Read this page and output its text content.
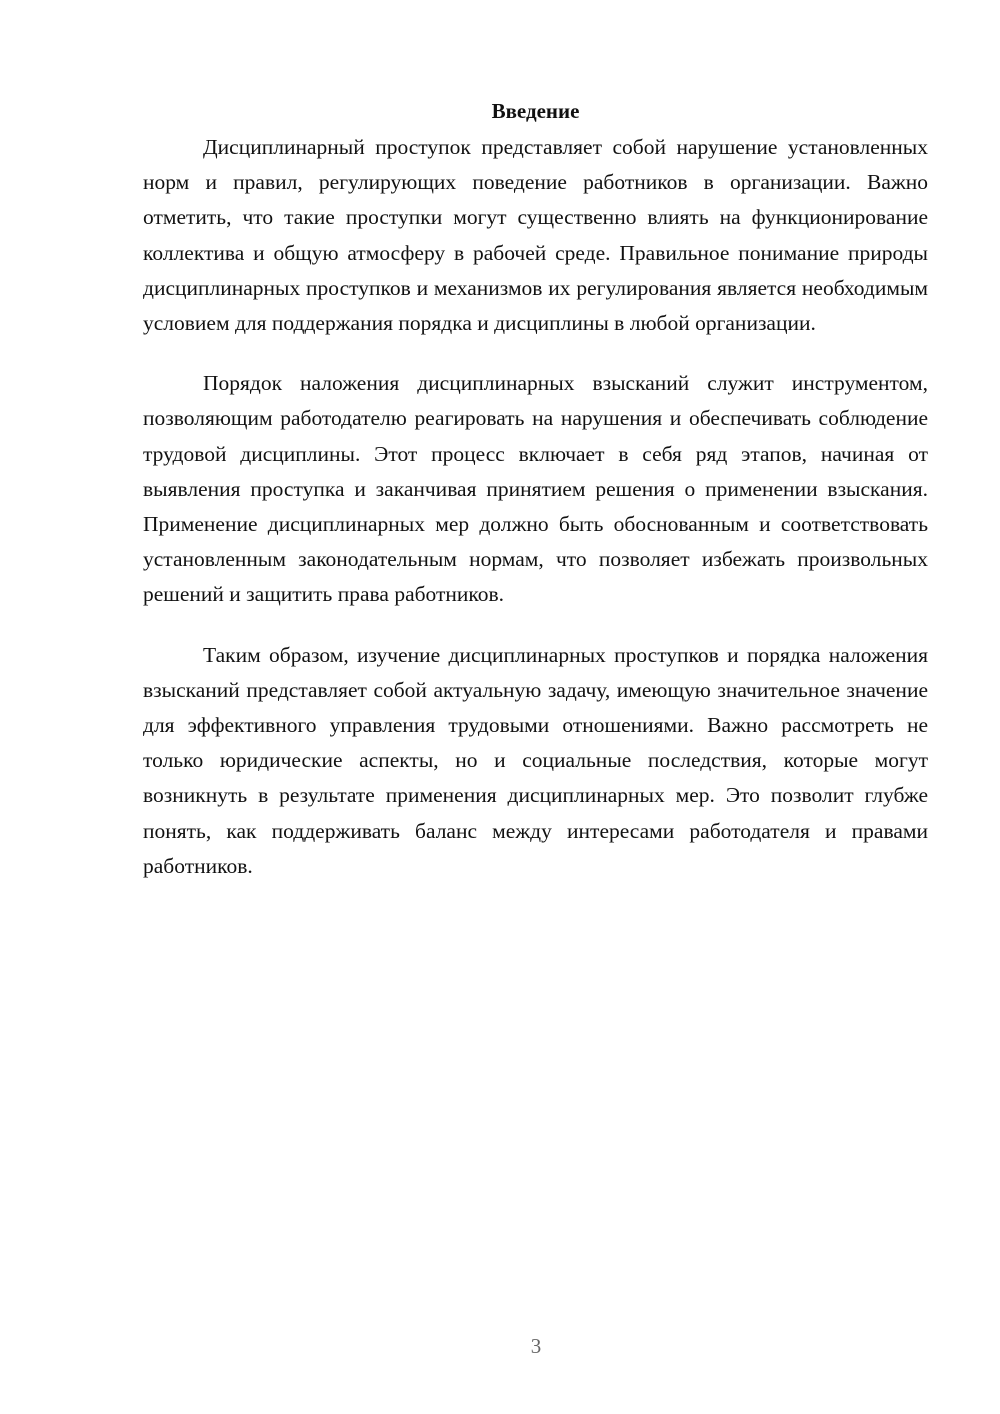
Введение

Дисциплинарный проступок представляет собой нарушение установленных норм и правил, регулирующих поведение работников в организации. Важно отметить, что такие проступки могут существенно влиять на функционирование коллектива и общую атмосферу в рабочей среде. Правильное понимание природы дисциплинарных проступков и механизмов их регулирования является необходимым условием для поддержания порядка и дисциплины в любой организации.

Порядок наложения дисциплинарных взысканий служит инструментом, позволяющим работодателю реагировать на нарушения и обеспечивать соблюдение трудовой дисциплины. Этот процесс включает в себя ряд этапов, начиная от выявления проступка и заканчивая принятием решения о применении взыскания. Применение дисциплинарных мер должно быть обоснованным и соответствовать установленным законодательным нормам, что позволяет избежать произвольных решений и защитить права работников.

Таким образом, изучение дисциплинарных проступков и порядка наложения взысканий представляет собой актуальную задачу, имеющую значительное значение для эффективного управления трудовыми отношениями. Важно рассмотреть не только юридические аспекты, но и социальные последствия, которые могут возникнуть в результате применения дисциплинарных мер. Это позволит глубже понять, как поддерживать баланс между интересами работодателя и правами работников.

3
